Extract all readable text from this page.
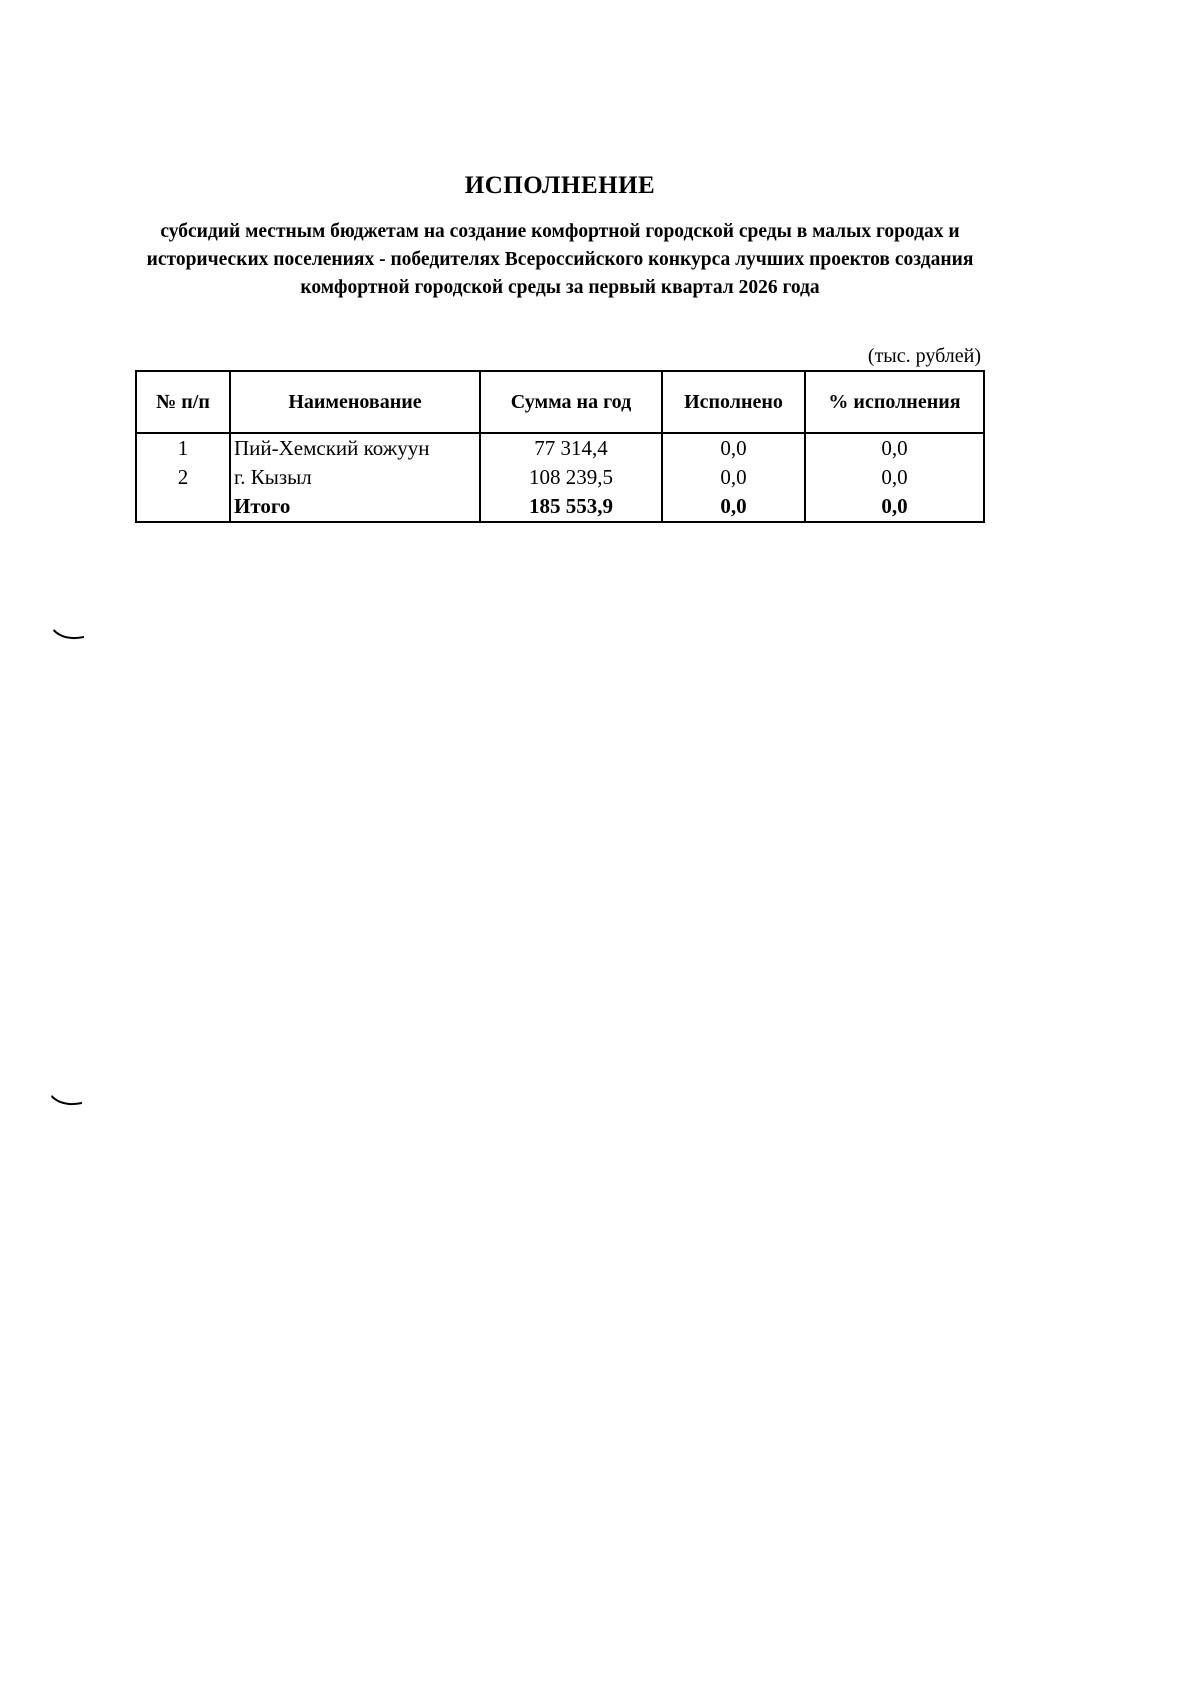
ИСПОЛНЕНИЕ
субсидий местным бюджетам на создание комфортной городской среды в малых городах и исторических поселениях - победителях Всероссийского конкурса лучших проектов создания комфортной городской среды за первый квартал 2026 года
(тыс. рублей)
№ п/п	Наименование	Сумма на год	Исполнено	% исполнения
1	Пий-Хемский кожуун	77 314,4	0,0	0,0
2	г. Кызыл	108 239,5	0,0	0,0
	Итого	185 553,9	0,0	0,0
